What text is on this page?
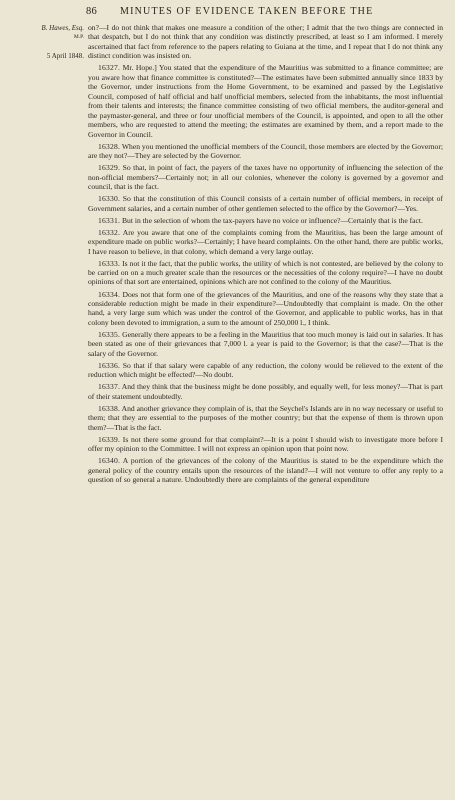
86 MINUTES OF EVIDENCE TAKEN BEFORE THE
B. Hawes, Esq.
M.P.
5 April 1848.

on?—I do not think that makes one measure a condition of the other; I admit that the two things are connected in that despatch, but I do not think that any condition was distinctly prescribed, at least so I am informed. I merely ascertained that fact from reference to the papers relating to Guiana at the time, and I repeat that I do not think any distinct condition was insisted on.

16327. Mr. Hope.] You stated that the expenditure of the Mauritius was submitted to a finance committee; are you aware how that finance committee is constituted?—The estimates have been submitted annually since 1833 by the Governor, under instructions from the Home Government, to be examined and passed by the Legislative Council, composed of half official and half unofficial members, selected from the inhabitants, the most influential from their talents and interests; the finance committee consisting of two official members, the auditor-general and the paymaster-general, and three or four unofficial members of the Council, is appointed, and open to all the other members, who are requested to attend the meeting; the estimates are examined by them, and a report made to the Governor in Council.

16328. When you mentioned the unofficial members of the Council, those members are elected by the Governor; are they not?—They are selected by the Governor.

16329. So that, in point of fact, the payers of the taxes have no opportunity of influencing the selection of the non-official members?—Certainly not; in all our colonies, whenever the colony is governed by a governor and council, that is the fact.

16330. So that the constitution of this Council consists of a certain number of official members, in receipt of Government salaries, and a certain number of other gentlemen selected to the office by the Governor?—Yes.

16331. But in the selection of whom the tax-payers have no voice or influence?—Certainly that is the fact.

16332. Are you aware that one of the complaints coming from the Mauritius, has been the large amount of expenditure made on public works?—Certainly; I have heard complaints. On the other hand, there are public works, I have reason to believe, in that colony, which demand a very large outlay.

16333. Is not it the fact, that the public works, the utility of which is not contested, are believed by the colony to be carried on on a much greater scale than the resources or the necessities of the colony require?—I have no doubt opinions of that sort are entertained, opinions which are not confined to the colony of the Mauritius.

16334. Does not that form one of the grievances of the Mauritius, and one of the reasons why they state that a considerable reduction might be made in their expenditure?—Undoubtedly that complaint is made. On the other hand, a very large sum which was under the control of the Governor, and applicable to public works, has in that colony been devoted to immigration, a sum to the amount of 250,000 l., I think.

16335. Generally there appears to be a feeling in the Mauritius that too much money is laid out in salaries. It has been stated as one of their grievances that 7,000 l. a year is paid to the Governor; is that the case?—That is the salary of the Governor.

16336. So that if that salary were capable of any reduction, the colony would be relieved to the extent of the reduction which might be effected?—No doubt.

16337. And they think that the business might be done possibly, and equally well, for less money?—That is part of their statement undoubtedly.

16338. And another grievance they complain of is, that the Seychel's Islands are in no way necessary or useful to them; that they are essential to the purposes of the mother country; but that the expense of them is thrown upon them?—That is the fact.

16339. Is not there some ground for that complaint?—It is a point I should wish to investigate more before I offer my opinion to the Committee. I will not express an opinion upon that point now.

16340. A portion of the grievances of the colony of the Mauritius is stated to be the expenditure which the general policy of the country entails upon the resources of the island?—I will not venture to offer any reply to a question of so general a nature. Undoubtedly there are complaints of the general expenditure
